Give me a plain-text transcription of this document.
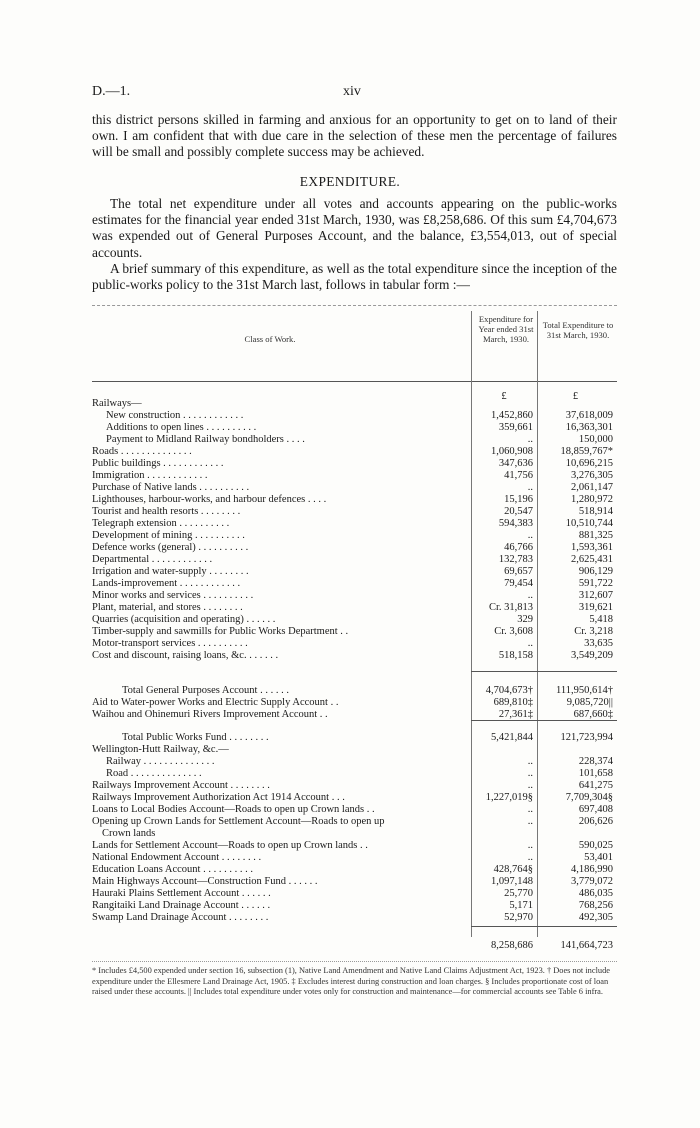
D.—1.	xiv

this district persons skilled in farming and anxious for an opportunity to get on to land of their own. I am confident that with due care in the selection of these men the percentage of failures will be small and possibly complete success may be achieved.

EXPENDITURE.

The total net expenditure under all votes and accounts appearing on the public-works estimates for the financial year ended 31st March, 1930, was £8,258,686. Of this sum £4,704,673 was expended out of General Purposes Account, and the balance, £3,554,013, out of special accounts.

A brief summary of this expenditure, as well as the total expenditure since the inception of the public-works policy to the 31st March last, follows in tabular form :—

Class of Work.
Expenditure for Year ended 31st March, 1930.
Total Expenditure to 31st March, 1930.
£	£
Railways—
New construction . . . . . . . . . . . .	1,452,860	37,618,009
Additions to open lines . . . . . . . . . .	359,661	16,363,301
Payment to Midland Railway bondholders . . . .	..	150,000
Roads . . . . . . . . . . . . . .	1,060,908	18,859,767*
Public buildings . . . . . . . . . . . .	347,636	10,696,215
Immigration . . . . . . . . . . . .	41,756	3,276,305
Purchase of Native lands . . . . . . . . . .	..	2,061,147
Lighthouses, harbour-works, and harbour defences . . . .	15,196	1,280,972
Tourist and health resorts . . . . . . . .	20,547	518,914
Telegraph extension . . . . . . . . . .	594,383	10,510,744
Development of mining . . . . . . . . . .	..	881,325
Defence works (general) . . . . . . . . . .	46,766	1,593,361
Departmental . . . . . . . . . . . .	132,783	2,625,431
Irrigation and water-supply . . . . . . . .	69,657	906,129
Lands-improvement . . . . . . . . . . . .	79,454	591,722
Minor works and services . . . . . . . . . .	..	312,607
Plant, material, and stores . . . . . . . .	Cr. 31,813	319,621
Quarries (acquisition and operating) . . . . . .	329	5,418
Timber-supply and sawmills for Public Works Department . .	Cr. 3,608	Cr. 3,218
Motor-transport services . . . . . . . . . .	..	33,635
Cost and discount, raising loans, &c. . . . . . .	518,158	3,549,209
Total General Purposes Account . . . . . .	4,704,673†	111,950,614†
Aid to Water-power Works and Electric Supply Account . .	689,810‡	9,085,720||
Waihou and Ohinemuri Rivers Improvement Account . .	27,361‡	687,660‡
Total Public Works Fund . . . . . . . .	5,421,844	121,723,994
Wellington-Hutt Railway, &c.—
Railway . . . . . . . . . . . . . .	..	228,374
Road . . . . . . . . . . . . . .	..	101,658
Railways Improvement Account . . . . . . . .	..	641,275
Railways Improvement Authorization Act 1914 Account . . .	1,227,019§	7,709,304§
Loans to Local Bodies Account—Roads to open up Crown lands . .	..	697,408
Opening up Crown Lands for Settlement Account—Roads to open up	..	206,626
Crown lands
Lands for Settlement Account—Roads to open up Crown lands . .	..	590,025
National Endowment Account . . . . . . . .	..	53,401
Education Loans Account . . . . . . . . . .	428,764§	4,186,990
Main Highways Account—Construction Fund . . . . . .	1,097,148	3,779,072
Hauraki Plains Settlement Account . . . . . .	25,770	486,035
Rangitaiki Land Drainage Account . . . . . .	5,171	768,256
Swamp Land Drainage Account . . . . . . . .	52,970	492,305
8,258,686	141,664,723
* Includes £4,500 expended under section 16, subsection (1), Native Land Amendment and Native Land Claims Adjustment Act, 1923. † Does not include expenditure under the Ellesmere Land Drainage Act, 1905. ‡ Excludes interest during construction and loan charges. § Includes proportionate cost of loan raised under these accounts. || Includes total expenditure under votes only for construction and maintenance—for commercial accounts see Table 6 infra.
